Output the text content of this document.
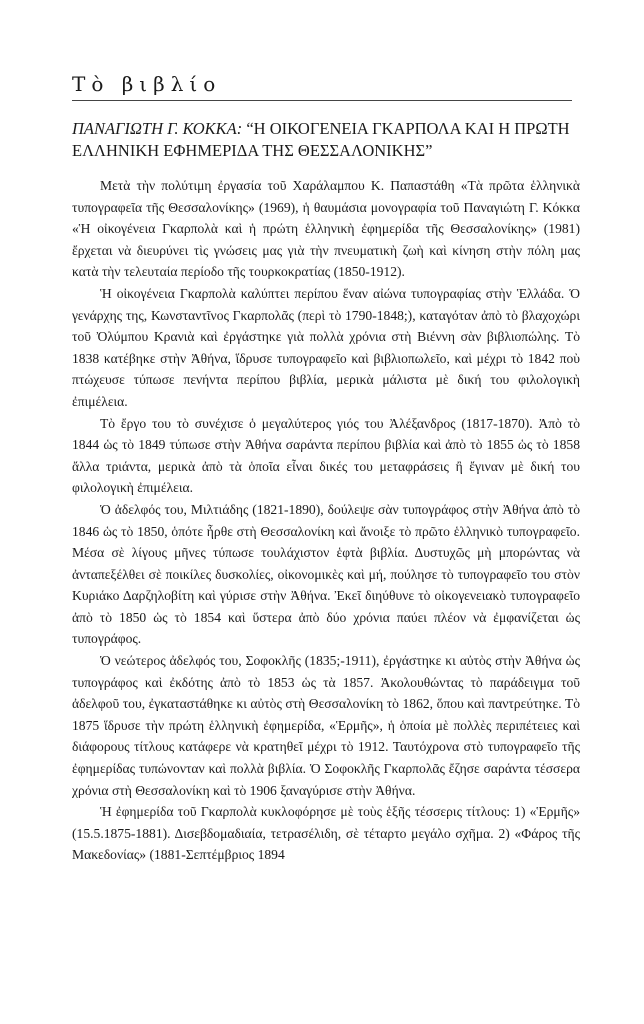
Τὸ βιβλίο
ΠΑΝΑΓΙΩΤΗ Γ. ΚΟΚΚΑ: “Η ΟΙΚΟΓΕΝΕΙΑ ΓΚΑΡΠΟΛΑ ΚΑΙ Η ΠΡΩΤΗ ΕΛΛΗΝΙΚΗ ΕΦΗΜΕΡΙΔΑ ΤΗΣ ΘΕΣΣΑΛΟΝΙΚΗΣ”

Μετὰ τὴν πολύτιμη ἐργασία τοῦ Χαράλαμπου Κ. Παπαστάθη «Τὰ πρῶτα ἑλληνικὰ τυπογραφεῖα τῆς Θεσσαλονίκης» (1969), ἡ θαυμάσια μονογραφία τοῦ Παναγιώτη Γ. Κόκκα «Ἡ οἰκογένεια Γκαρπολὰ καὶ ἡ πρώτη ἑλληνικὴ ἐφημερίδα τῆς Θεσσαλονίκης» (1981) ἔρχεται νὰ διευρύνει τὶς γνώσεις μας γιὰ τὴν πνευματικὴ ζωὴ καὶ κίνηση στὴν πόλη μας κατὰ τὴν τελευταία περίοδο τῆς τουρκοκρατίας (1850-1912).

Ἡ οἰκογένεια Γκαρπολὰ καλύπτει περίπου ἕναν αἰώνα τυπογραφίας στὴν Ἑλλάδα. Ὁ γενάρχης της, Κωνσταντῖνος Γκαρπολᾶς (περὶ τὸ 1790-1848;), καταγόταν ἀπὸ τὸ βλαχοχώρι τοῦ Ὀλύμπου Κρανιὰ καὶ ἐργάστηκε γιὰ πολλὰ χρόνια στὴ Βιέννη σὰν βιβλιοπώλης. Τὸ 1838 κατέβηκε στὴν Ἀθήνα, ἵδρυσε τυπογραφεῖο καὶ βιβλιοπωλεῖο, καὶ μέχρι τὸ 1842 ποὺ πτώχευσε τύπωσε πενήντα περίπου βιβλία, μερικὰ μάλιστα μὲ δική του φιλολογικὴ ἐπιμέλεια.

Τὸ ἔργο του τὸ συνέχισε ὁ μεγαλύτερος γιός του Ἀλέξανδρος (1817-1870). Ἀπὸ τὸ 1844 ὡς τὸ 1849 τύπωσε στὴν Ἀθήνα σαράντα περίπου βιβλία καὶ ἀπὸ τὸ 1855 ὡς τὸ 1858 ἄλλα τριάντα, μερικὰ ἀπὸ τὰ ὁποῖα εἶναι δικές του μεταφράσεις ἢ ἔγιναν μὲ δική του φιλολογικὴ ἐπιμέλεια.

Ὁ ἀδελφός του, Μιλτιάδης (1821-1890), δούλεψε σὰν τυπογράφος στὴν Ἀθήνα ἀπὸ τὸ 1846 ὡς τὸ 1850, ὁπότε ἦρθε στὴ Θεσσαλονίκη καὶ ἄνοιξε τὸ πρῶτο ἑλληνικὸ τυπογραφεῖο. Μέσα σὲ λίγους μῆνες τύπωσε τουλάχιστον ἑφτὰ βιβλία. Δυστυχῶς μὴ μπορώντας νὰ ἀνταπεξέλθει σὲ ποικίλες δυσκολίες, οἰκονομικὲς καὶ μή, πούλησε τὸ τυπογραφεῖο του στὸν Κυριάκο Δαρζηλοβίτη καὶ γύρισε στὴν Ἀθήνα. Ἐκεῖ διηύθυνε τὸ οἰκογενειακὸ τυπογραφεῖο ἀπὸ τὸ 1850 ὡς τὸ 1854 καὶ ὕστερα ἀπὸ δύο χρόνια παύει πλέον νὰ ἐμφανίζεται ὡς τυπογράφος.

Ὁ νεώτερος ἀδελφός του, Σοφοκλῆς (1835;-1911), ἐργάστηκε κι αὐτὸς στὴν Ἀθήνα ὡς τυπογράφος καὶ ἐκδότης ἀπὸ τὸ 1853 ὡς τὰ 1857. Ἀκολουθώντας τὸ παράδειγμα τοῦ ἀδελφοῦ του, ἐγκαταστάθηκε κι αὐτὸς στὴ Θεσσαλονίκη τὸ 1862, ὅπου καὶ παντρεύτηκε. Τὸ 1875 ἵδρυσε τὴν πρώτη ἑλληνικὴ ἐφημερίδα, «Ἑρμῆς», ἡ ὁποία μὲ πολλὲς περιπέτειες καὶ διάφορους τίτλους κατάφερε νὰ κρατηθεῖ μέχρι τὸ 1912. Ταυτόχρονα στὸ τυπογραφεῖο τῆς ἐφημερίδας τυπώνονταν καὶ πολλὰ βιβλία. Ὁ Σοφοκλῆς Γκαρπολᾶς ἔζησε σαράντα τέσσερα χρόνια στὴ Θεσσαλονίκη καὶ τὸ 1906 ξαναγύρισε στὴν Ἀθήνα.

Ἡ ἐφημερίδα τοῦ Γκαρπολὰ κυκλοφόρησε μὲ τοὺς ἑξῆς τέσσερις τίτλους: 1) «Ἑρμῆς» (15.5.1875-1881). Δισεβδομαδιαία, τετρασέλιδη, σὲ τέταρτο μεγάλο σχῆμα. 2) «Φάρος τῆς Μακεδονίας» (1881-Σεπτέμβριος 1894
